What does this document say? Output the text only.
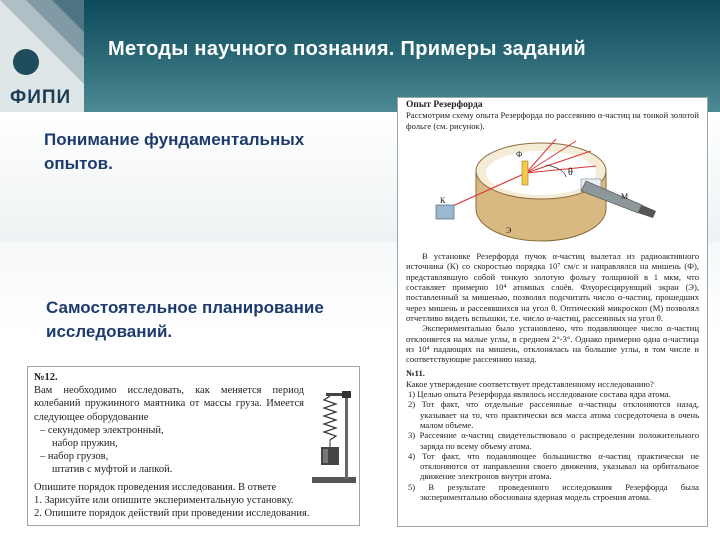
ФИПИ
Методы научного познания. Примеры заданий
Понимание фундаментальных опытов.
Самостоятельное планирование исследований.
№12.
Вам необходимо исследовать, как меняется период колебаний пружинного маятника от массы груза. Имеется следующее оборудование
– секундомер электронный,
набор пружин,
– набор грузов,
штатив с муфтой и лапкой.
Опишите порядок проведения исследования. В ответе
1. Зарисуйте или опишите экспериментальную установку.
2. Опишите порядок действий при проведении исследования.

Опыт Резерфорда

Рассмотрим схему опыта Резерфорда по рассеянию α-частиц на тонкой золотой фольге (см. рисунок).

К
Ф
Э
М
θ

В установке Резерфорда пучок α-частиц вылетал из радиоактивного источника (К) со скоростью порядка 10⁷ см/с и направлялся на мишень (Ф), представлявшую собой тонкую золотую фольгу толщиной в 1 мкм, что составляет примерно 10⁴ атомных слоёв. Флуоресцирующий экран (Э), поставленный за мишенью, позволял подсчитать число α-частиц, прошедших через мишень и рассеявшихся на угол θ. Оптический микроскоп (М) позволял отчетливо видеть вспышки, т.е. число α-частиц, рассеянных на угол θ.

Экспериментально было установлено, что подавляющее число α-частиц отклоняется на малые углы, в среднем 2°-3°. Однако примерно одна α-частица из 10⁴ падающих на мишень, отклонялась на большие углы, в том числе и соответствующие рассеянию назад.

№11.

Какое утверждение соответствует представленному исследованию?

1) Целью опыта Резерфорда являлось исследование состава ядра атома.
2) Тот факт, что отдельные рассеянные α-частицы отклоняются назад, указывает на то, что практически вся масса атома сосредоточена в очень малом объеме.
3) Рассеяние α-частиц свидетельствовало о распределении положительного заряда по всему объему атома.
4) Тот факт, что подавляющее большинство α-частиц практически не отклоняются от направления своего движения, указывал на орбитальное движение электронов внутри атома.
5) В результате проведенного исследования Резерфорда была экспериментально обоснована ядерная модель строения атома.
